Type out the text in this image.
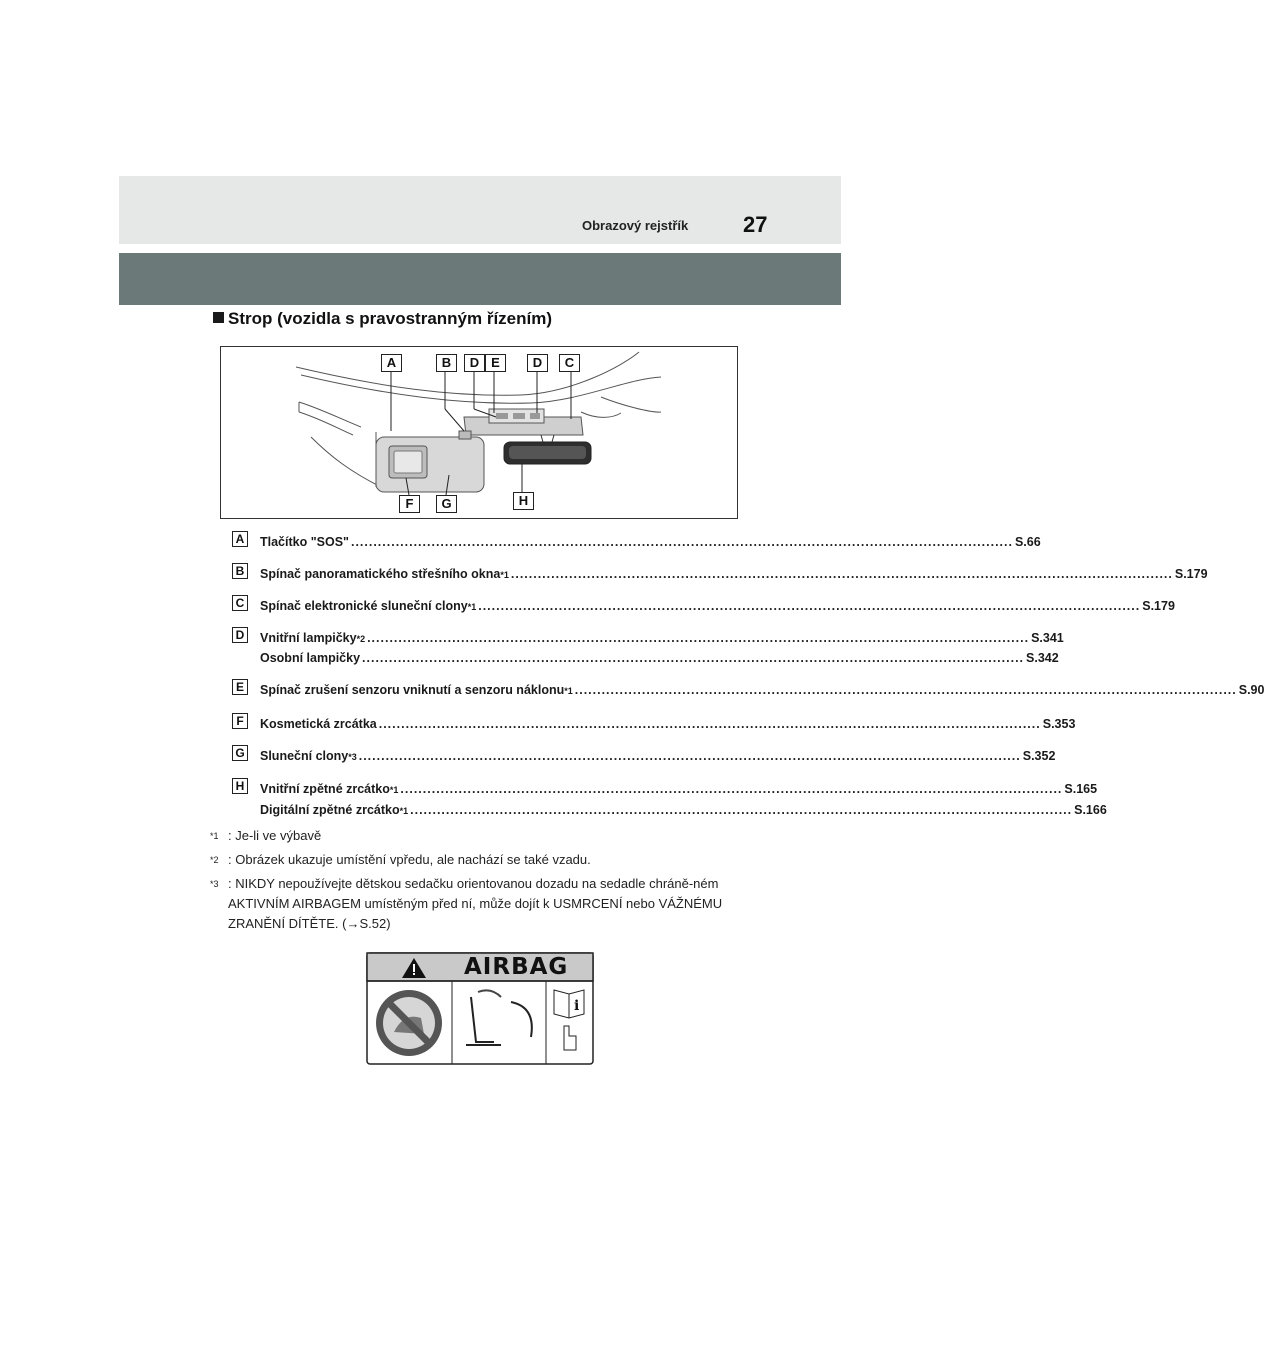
Obrazový rejstřík 27
Strop (vozidla s pravostranným řízením)
A	B	D E	D	C
F	G	H
A Tlačítko "SOS" .................................................................................................................................................... S.66
B Spínač panoramatického střešního okna *1 .................................................................................................................................................... S.179
C Spínač elektronické sluneční clony *1 .................................................................................................................................................... S.179
D Vnitřní lampičky *2 .................................................................................................................................................... S.341
Osobní lampičky .................................................................................................................................................... S.342
E	Spínač zrušení senzoru vniknutí a senzoru náklonu *1 .................................................................................................................................................... S.90
F	Kosmetická zrcátka .................................................................................................................................................... S.353
G Sluneční clony *3 .................................................................................................................................................... S.352
H Vnitřní zpětné zrcátko *1 .................................................................................................................................................... S.165
Digitální zpětné zrcátko *1 .................................................................................................................................................... S.166
$^{*1}$ : Je-li ve výbavě
$^{*2}$ : Obrázek ukazuje umístění vpředu, ale nachází se také vzadu.
$^{*3}$ : NIKDY nepoužívejte dětskou sedačku orientovanou dozadu na sedadle chráně-ném AKTIVNÍM AIRBAGEM umístěným před ní, může dojít k USMRCENÍ nebo VÁŽNÉMU ZRANĚNÍ DÍTĚTE. (→S.52)
i
AIRBAG
